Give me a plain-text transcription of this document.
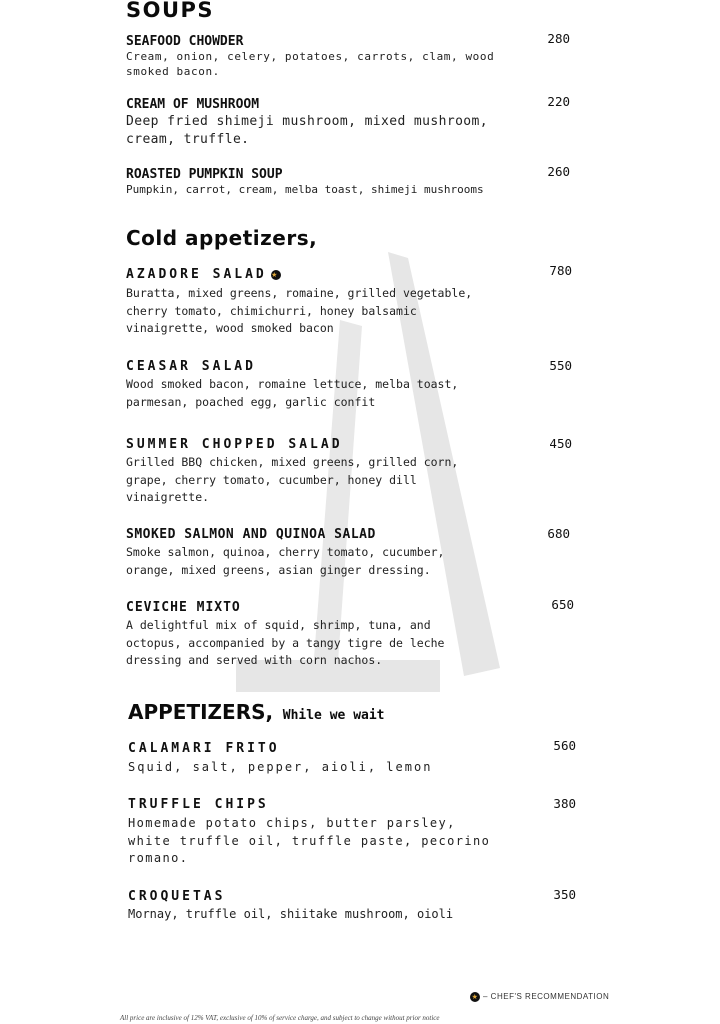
SOUPS
SEAFOOD CHOWDER	280
Cream, onion, celery, potatoes, carrots, clam, wood
smoked bacon.
CREAM OF MUSHROOM	220
Deep fried shimeji mushroom, mixed mushroom,
cream, truffle.
ROASTED PUMPKIN SOUP	260
Pumpkin, carrot, cream, melba toast, shimeji mushrooms
Cold appetizers,
AZADORE SALAD ★	780
Buratta, mixed greens, romaine, grilled vegetable,
cherry tomato, chimichurri, honey balsamic
vinaigrette, wood smoked bacon
CEASAR SALAD	550
Wood smoked bacon, romaine lettuce, melba toast,
parmesan, poached egg, garlic confit
SUMMER CHOPPED SALAD	450
Grilled BBQ chicken, mixed greens, grilled corn,
grape, cherry tomato, cucumber, honey dill
vinaigrette.
SMOKED SALMON AND QUINOA SALAD	680
Smoke salmon, quinoa, cherry tomato, cucumber,
orange, mixed greens, asian ginger dressing.
CEVICHE MIXTO	650
A delightful mix of squid, shrimp, tuna, and
octopus, accompanied by a tangy tigre de leche
dressing and served with corn nachos.
APPETIZERS, While we wait
CALAMARI FRITO	560
Squid, salt, pepper, aioli, lemon
TRUFFLE CHIPS	380
Homemade potato chips, butter parsley,
white truffle oil, truffle paste, pecorino
romano.
CROQUETAS	350
Mornay, truffle oil, shiitake mushroom, oioli
★– CHEF'S RECOMMENDATION
All price are inclusive of 12% VAT, exclusive of 10% of service charge, and subject to change without prior notice
